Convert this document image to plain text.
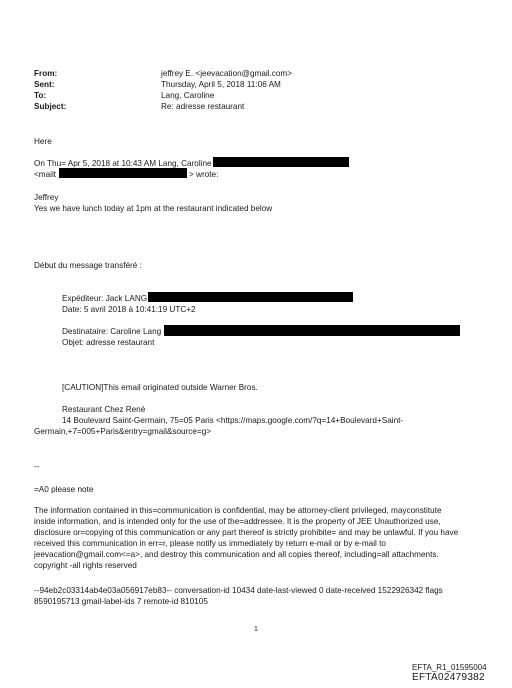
From:	jeffrey E. <jeevacation@gmail.com>
Sent:	Thursday, April 5, 2018 11:06 AM
To:	Lang, Caroline
Subject:	Re: adresse restaurant
Here
On Thu= Apr 5, 2018 at 10:43 AM Lang, Caroline
<mailt	> wrote:
Jeffrey
Yes we have lunch today at 1pm at the restaurant indicated below
Début du message transféré :
Expéditeur: Jack LANG
Date: 5 avril 2018 à 10:41:19 UTC+2
Destinataire: Caroline Lang
Objet: adresse restaurant
[CAUTION]This email originated outside Warner Bros.
Restaurant Chez René
14 Boulevard Saint-Germain, 75=05 Paris <https://maps.google.com/?q=14+Boulevard+Saint-
Germain,+7=005+Paris&entry=gmail&source=g>
--
=A0 please note
The information contained in this=communication is confidential, may be attorney-client privileged, mayconstitute
inside information, and is intended only for the use of the=addressee. It is the property of JEE Unauthorized use,
disclosure or=copying of this communication or any part thereof is strictly prohibite= and may be unlawful. If you have
received this communication in err=r, please notify us immediately by return e-mail or by e-mail to
jeevacation@gmail.com<=a>, and destroy this communication and all copies thereof, including=all attachments.
copyright -all rights reserved
--94eb2c03314ab4e03a056917eb83-- conversation-id 10434 date-last-viewed 0 date-received 1522926342 flags
8590195713 gmail-label-ids 7 remote-id 810105
1
EFTA_R1_01595004
EFTA02479382
